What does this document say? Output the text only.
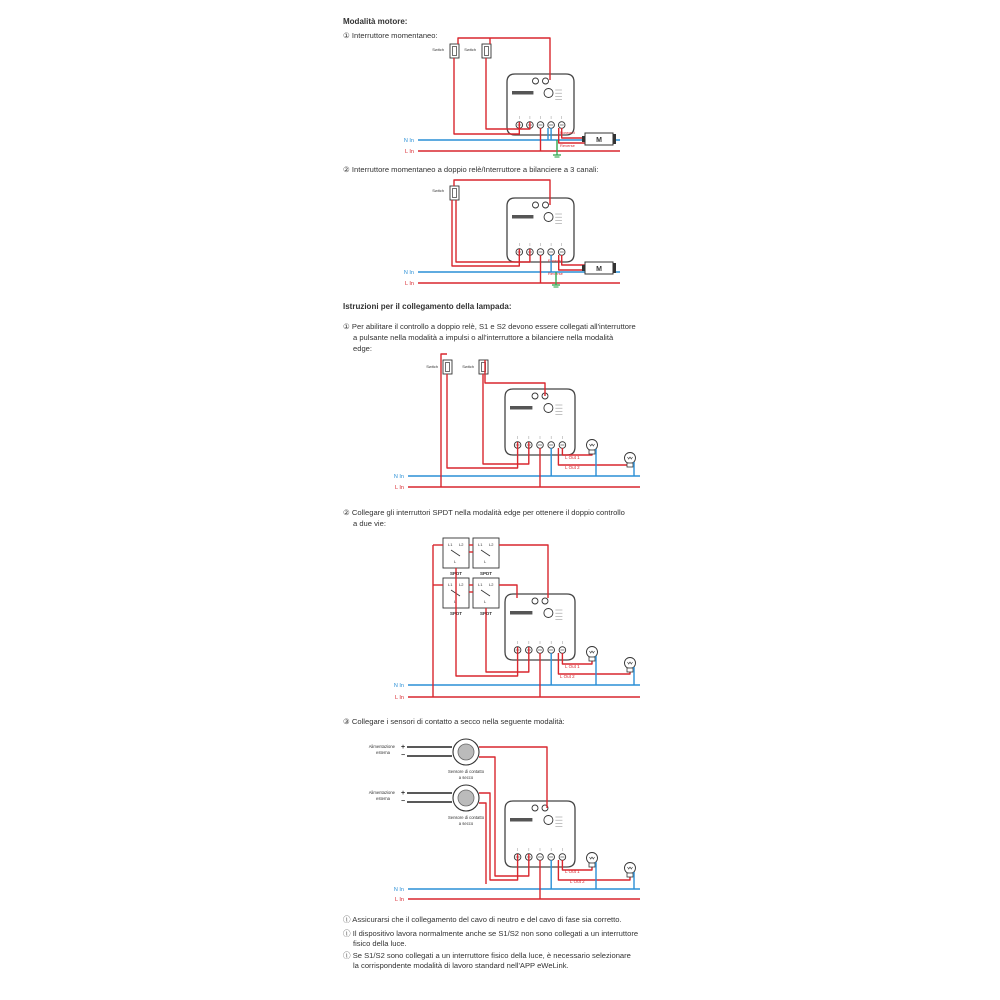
Modalità motore:
① Interruttore momentaneo:
② Interruttore momentaneo a doppio relè/Interruttore a bilanciere a 3 canali:
Istruzioni per il collegamento della lampada:
① Per abilitare il controllo a doppio relè, S1 e S2 devono essere collegati all'interruttore
a pulsante nella modalità a impulsi o all'interruttore a bilanciere nella modalità
edge:
② Collegare gli interruttori SPDT nella modalità edge per ottenere il doppio controllo
a due vie:
③ Collegare i sensori di contatto a secco nella seguente modalità:
ⓘ Assicurarsi che il collegamento del cavo di neutro e del cavo di fase sia corretto.
ⓘ Il dispositivo lavora normalmente anche se S1/S2 non sono collegati a un interruttore
fisico della luce.
ⓘ Se S1/S2 sono collegati a un interruttore fisico della luce, è necessario selezionare
la corrispondente modalità di lavoro standard nell'APP eWeLink.
N In
L In
Switch	Switch
Forward
Reverse
M
N In
L In
Switch
Forward
Reverse
M
N In
L In
Switch	Switch
L Out 1
L Out 2
N In
L In
L1 L2
L
SPDT
L1 L2
L
SPDT
L1 L2
L
SPDT
L1 L2
L
SPDT
L Out 1
L Out 2
N In
L In
Alimentazione
esterna
+
−
Sensore di contatto
a secco
Alimentazione
esterna
+
−
Sensore di contatto
a secco
L Out 1
L Out 2
